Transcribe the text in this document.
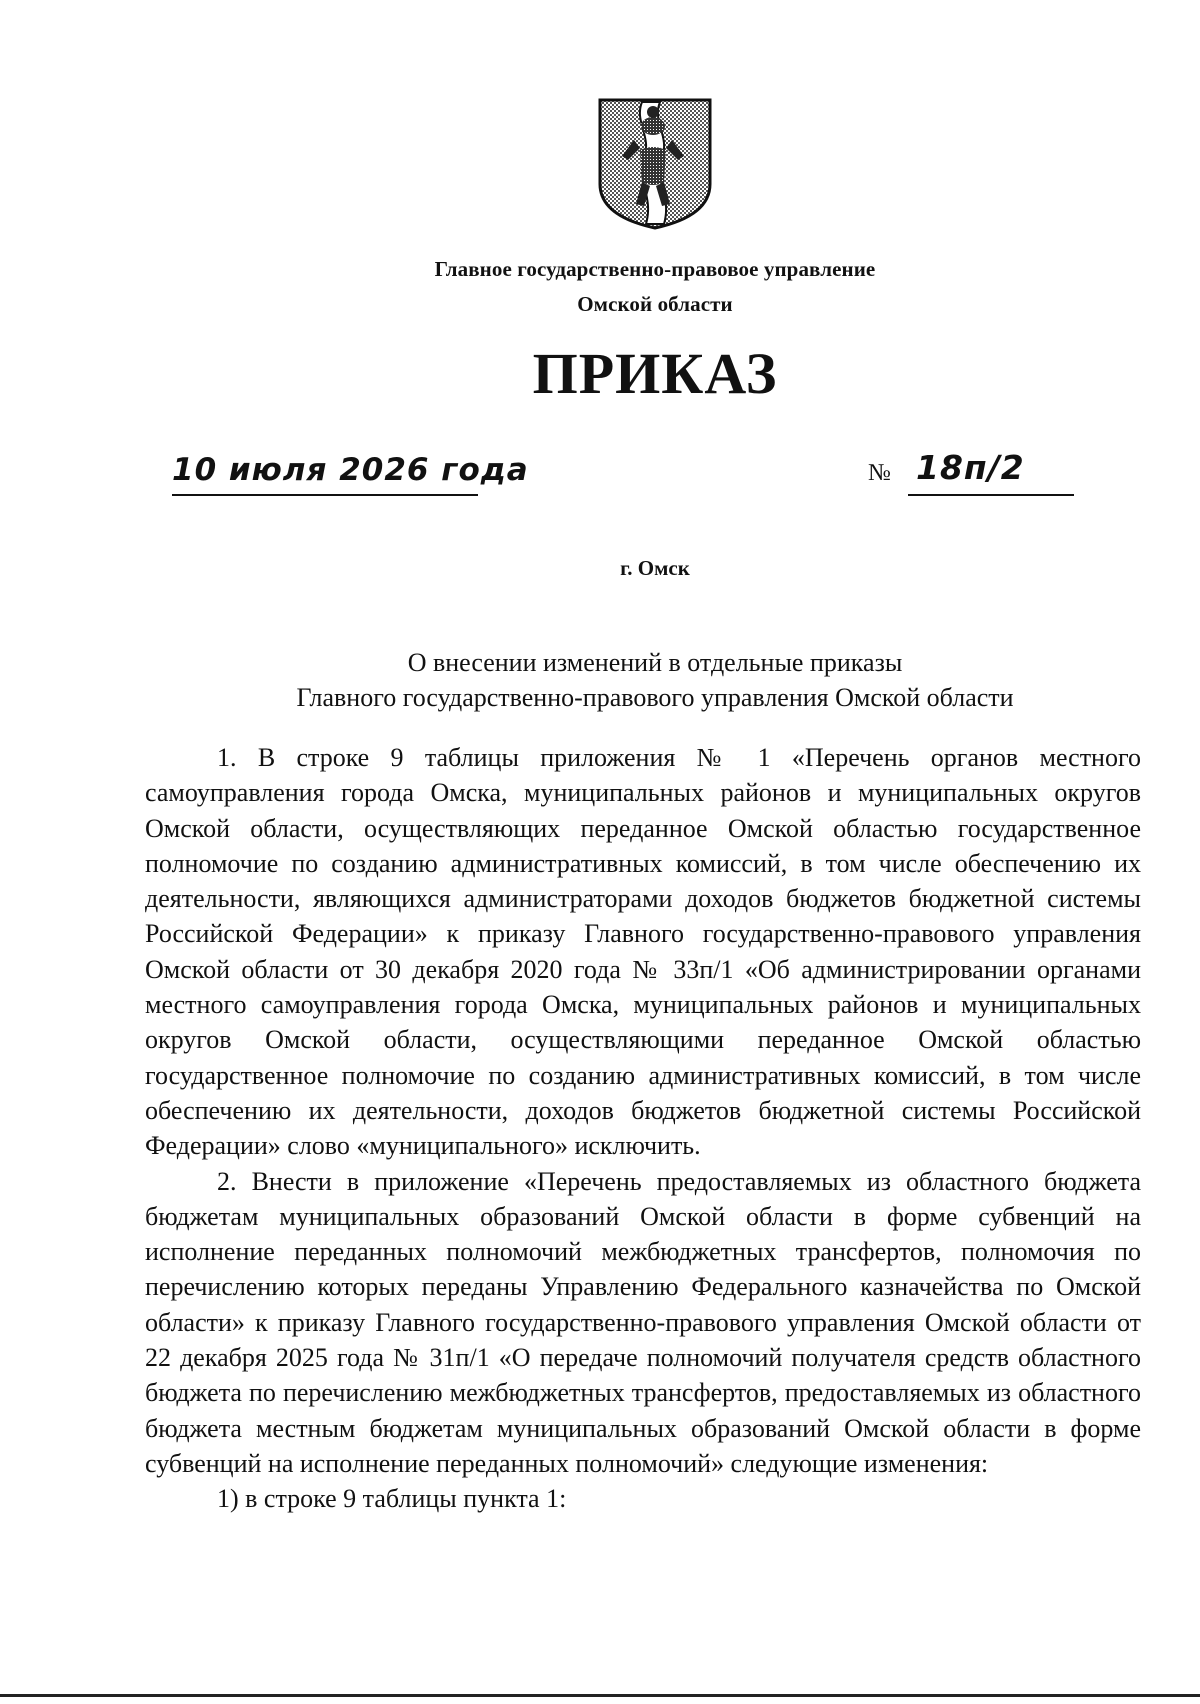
Главное государственно-правовое управление
Омской области
ПРИКАЗ
10 июля 2026 года	№ 18п/2
г. Омск
О внесении изменений в отдельные приказы
Главного государственно-правового управления Омской области

1. В строке 9 таблицы приложения № 1 «Перечень органов местного самоуправления города Омска, муниципальных районов и муниципальных округов Омской области, осуществляющих переданное Омской областью государственное полномочие по созданию административных комиссий, в том числе обеспечению их деятельности, являющихся администраторами доходов бюджетов бюджетной системы Российской Федерации» к приказу Главного государственно-правового управления Омской области от 30 декабря 2020 года № 33п/1 «Об администрировании органами местного самоуправления города Омска, муниципальных районов и муниципальных округов Омской области, осуществляющими переданное Омской областью государственное полномочие по созданию административных комиссий, в том числе обеспечению их деятельности, доходов бюджетов бюджетной системы Российской Федерации» слово «муниципального» исключить.

2. Внести в приложение «Перечень предоставляемых из областного бюджета бюджетам муниципальных образований Омской области в форме субвенций на исполнение переданных полномочий межбюджетных трансфертов, полномочия по перечислению которых переданы Управлению Федерального казначейства по Омской области» к приказу Главного государственно-правового управления Омской области от 22 декабря 2025 года № 31п/1 «О передаче полномочий получателя средств областного бюджета по перечислению межбюджетных трансфертов, предоставляемых из областного бюджета местным бюджетам муниципальных образований Омской области в форме субвенций на исполнение переданных полномочий» следующие изменения:

1) в строке 9 таблицы пункта 1:
